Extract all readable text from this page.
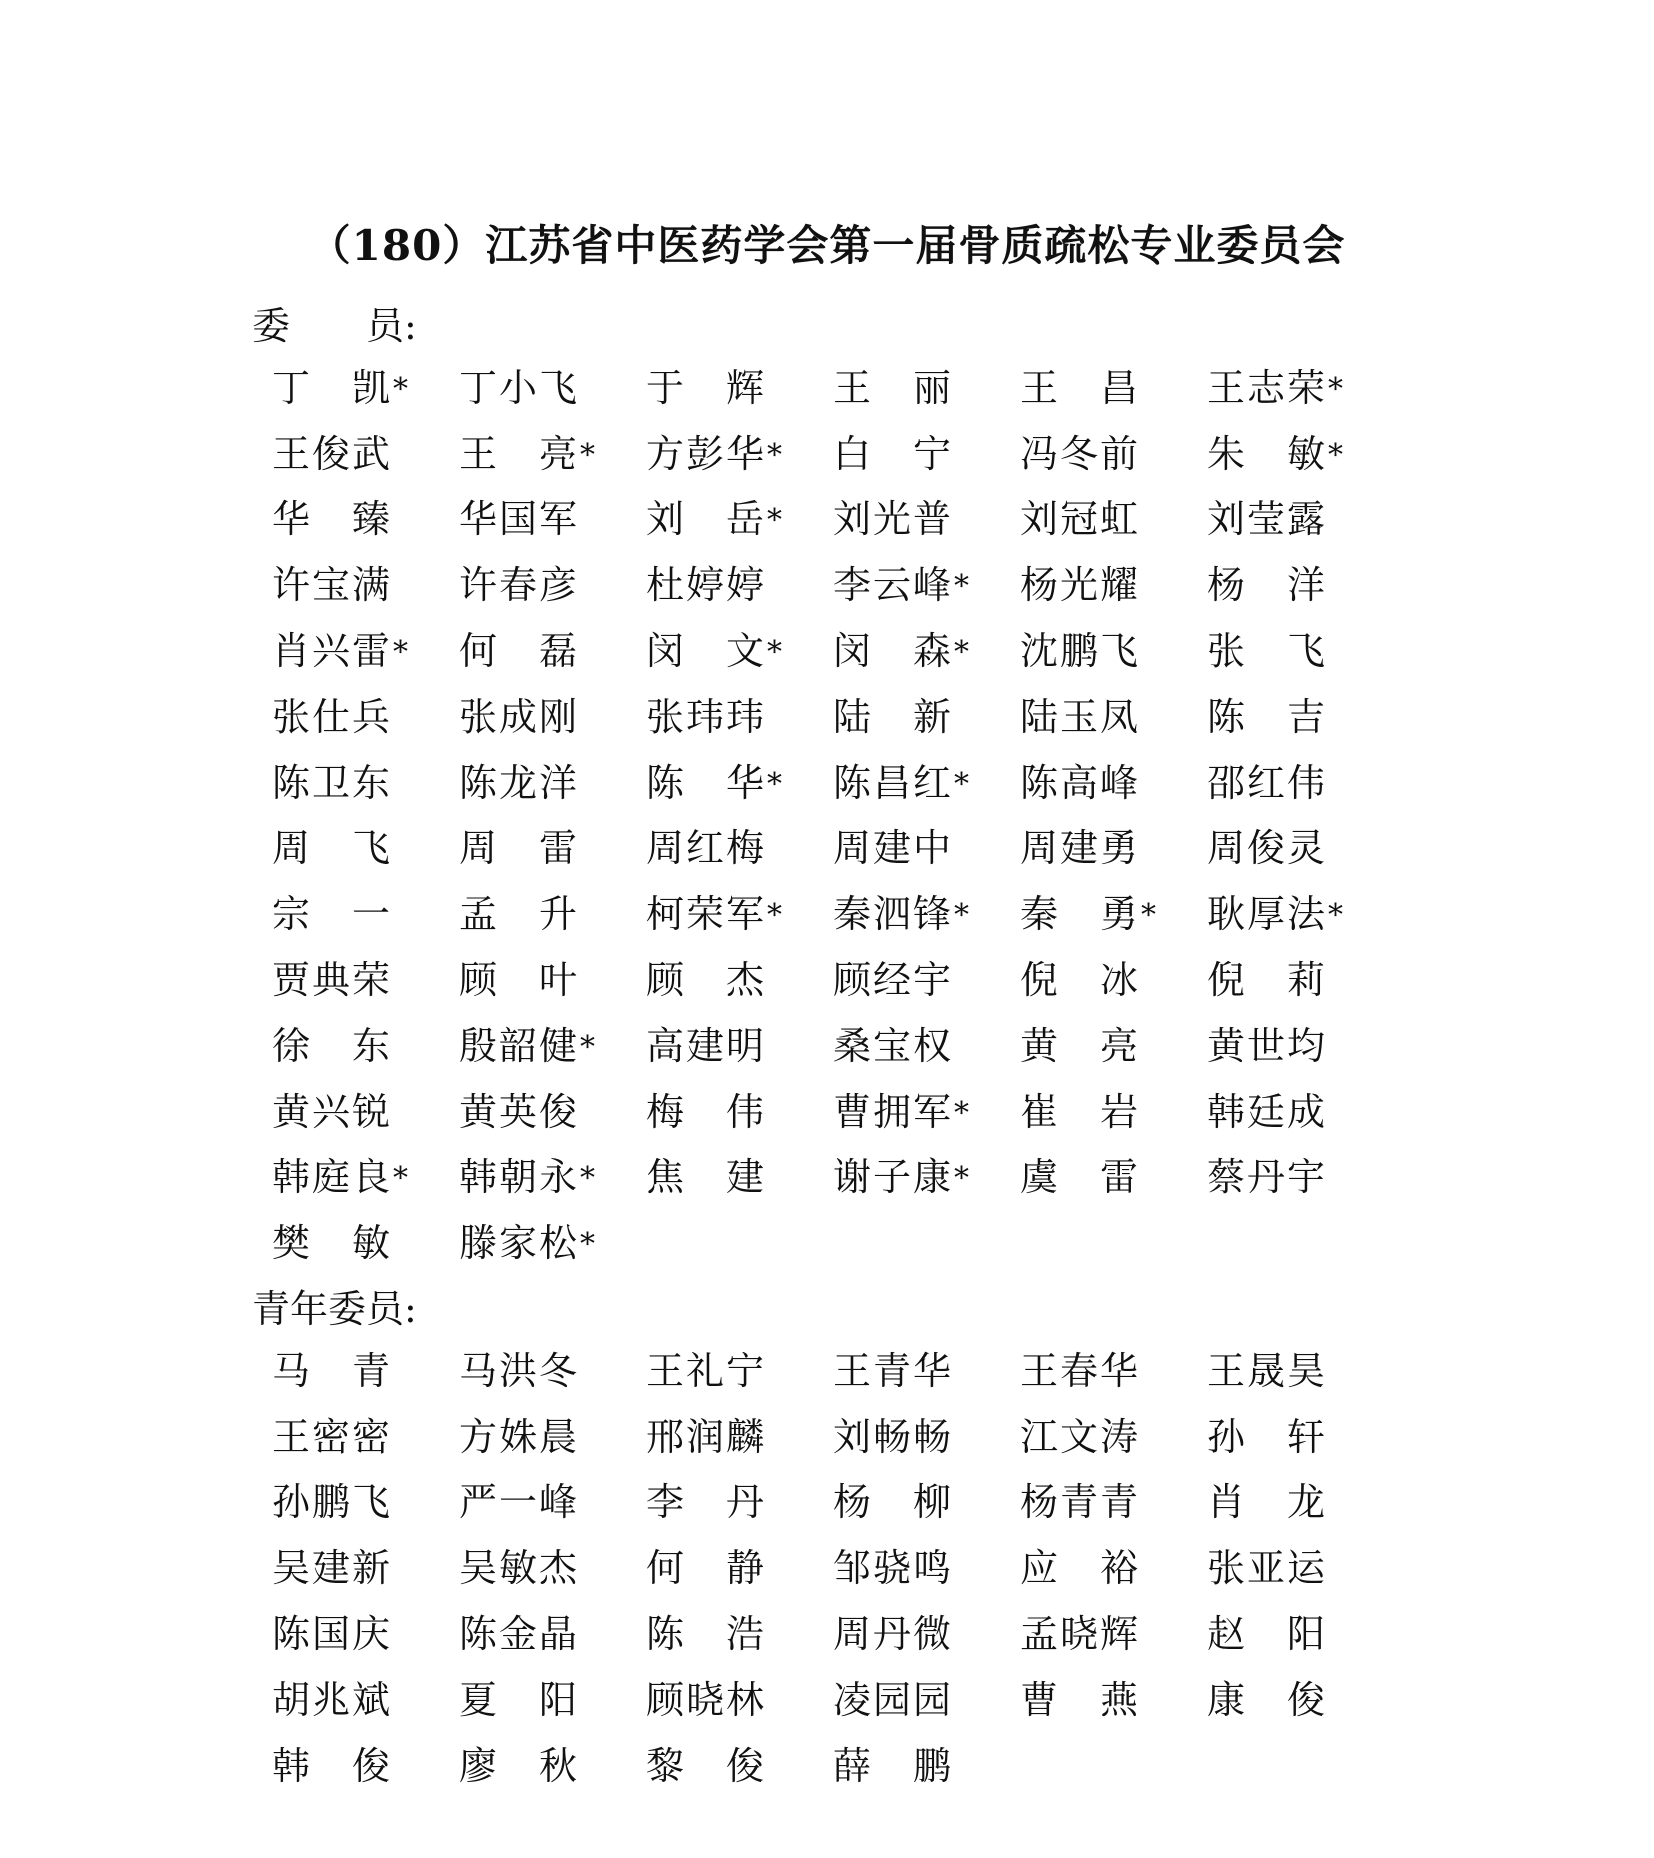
（180）江苏省中医药学会第一届骨质疏松专业委员会
委　　员:
丁　凯*	丁小飞	于　辉	王　丽	王　昌	王志荣*
王俊武	王　亮*	方彭华*	白　宁	冯冬前	朱　敏*
华　臻	华国军	刘　岳*	刘光普	刘冠虹	刘莹露
许宝满	许春彦	杜婷婷	李云峰*	杨光耀	杨　洋
肖兴雷*	何　磊	闵　文*	闵　森*	沈鹏飞	张　飞
张仕兵	张成刚	张玮玮	陆　新	陆玉凤	陈　吉
陈卫东	陈龙洋	陈　华*	陈昌红*	陈高峰	邵红伟
周　飞	周　雷	周红梅	周建中	周建勇	周俊灵
宗　一	孟　升	柯荣军*	秦泗锋*	秦　勇*	耿厚法*
贾典荣	顾　叶	顾　杰	顾经宇	倪　冰	倪　莉
徐　东	殷韶健*	高建明	桑宝权	黄　亮	黄世均
黄兴锐	黄英俊	梅　伟	曹拥军*	崔　岩	韩廷成
韩庭良*	韩朝永*	焦　建	谢子康*	虞　雷	蔡丹宇
樊　敏	滕家松*
青年委员:
马　青	马洪冬	王礼宁	王青华	王春华	王晟昊
王密密	方姝晨	邢润麟	刘畅畅	江文涛	孙　轩
孙鹏飞	严一峰	李　丹	杨　柳	杨青青	肖　龙
吴建新	吴敏杰	何　静	邹骁鸣	应　裕	张亚运
陈国庆	陈金晶	陈　浩	周丹微	孟晓辉	赵　阳
胡兆斌	夏　阳	顾晓林	凌园园	曹　燕	康　俊
韩　俊	廖　秋	黎　俊	薛　鹏
